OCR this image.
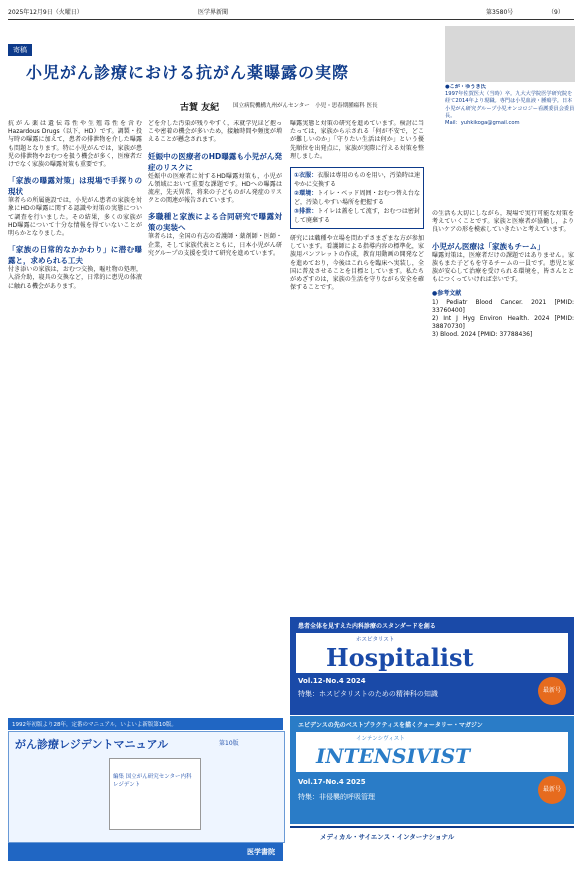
2025年12月9日（火曜日）	医学界新聞	第3580号	（9）
寄稿
小児がん診療における抗がん薬曝露の実際
古賀 友紀	国立病院機構九州がんセンター　小児・思春期腫瘍科 医長
●こが・ゆうき氏
1997年佐賀医大（当時）卒。九大大学院医学研究院を経て2014年より現職。専門は小児血液・腫瘍学。日本小児がん研究グループ小児オンコロジー看護委員会委員長。
Mail：yuhkikoga@gmail.com
抗がん薬は遺伝毒性や生殖毒性を含む Hazardous Drugs（以下，HD）です。調製・投与時の曝露に加えて，患者の排泄物を介した曝露も問題となります。特に小児がんでは，家族が患児の排泄物やおむつを扱う機会が多く，医療者だけでなく家族の曝露対策も重要です。
「家族の曝露対策」は現場で手探りの現状
筆者らの所属施設では，小児がん患者の家族を対象にHDの曝露に関する認識や対策の実態について調査を行いました。その結果，多くの家族がHD曝露について十分な情報を得ていないことが明らかとなりました。
「家族の日常的なかかわり」に潜む曝露と，求められる工夫
付き添いの家族は，おむつ交換，嘔吐物の処理，入浴介助，寝具の交換など，日常的に患児の体液に触れる機会があります。
どを介した汚染が残りやすく，未就学児ほど抱っこや密着の機会が多いため，接触時間や頻度が増えることが懸念されます。
妊娠中の医療者のHD曝露も小児がん発症のリスクに
妊娠中の医療者に対するHD曝露対策も，小児がん領域において重要な課題です。HDへの曝露は流産，先天異常，将来の子どものがん発症のリスクとの関連が報告されています。
多職種と家族による合同研究で曝露対策の実装へ
筆者らは，全国の有志の看護師・薬剤師・医師・企業，そして家族代表とともに，日本小児がん研究グループの支援を受けて研究を進めています。
曝露実態と対策の研究を進めています。検討に当たっては，家族から示される「何が不安で，どこが難しいのか」「守りたい生活は何か」という優先順位を出発点に，家族が実際に行える対策を整理しました。
①衣服：衣服は専用のものを用い，汚染時は速やかに交換する
②環境：トイレ・ベッド周囲・おむつ替え台など，汚染しやすい場所を把握する
③排泄：トイレは蓋をして流す，おむつは密封して廃棄する
研究には職種や立場を問わずさまざまな方が参加しています。看護師による指導内容の標準化，家族用パンフレットの作成，教育用動画の開発などを進めており，今後はこれらを臨床へ実装し，全国に普及させることを目標としています。私たちがめざすのは，家族の生活を守りながら安全を確保することです。
の生活も大切にしながら，現場で実行可能な対策を考えていくことです。家族と医療者が協働し，より良いケアの形を模索していきたいと考えています。
小児がん医療は「家族もチーム」
曝露対策は，医療者だけの課題ではありません。家族もまた子どもを守るチームの一員です。患児と家族が安心して治療を受けられる環境を，皆さんとともにつくっていければ幸いです。
●参考文献
1) Pediatr Blood Cancer. 2021 [PMID: 33760400]
2) Int J Hyg Environ Health. 2024 [PMID: 38870730]
3) Blood. 2024 [PMID: 37788436]
患者全体を見すえた内科診療のスタンダードを創る
ホスピタリスト
Hospitalist
Vol.12-No.4 2024
特集：ホスピタリストのための精神科の知識	最新号
エビデンスの先のベストプラクティスを描くクォータリー・マガジン
インテンシヴィスト
INTENSIVIST
Vol.17-No.4 2025
特集：非侵襲的呼吸管理
最新号
メディカル・サイエンス・インターナショナル
1992年初版より28年，定番のマニュアル，いよいよ新版第10版。
がん診療レジデントマニュアル	第10版
編集 国立がん研究センター内科レジデント
医学書院
